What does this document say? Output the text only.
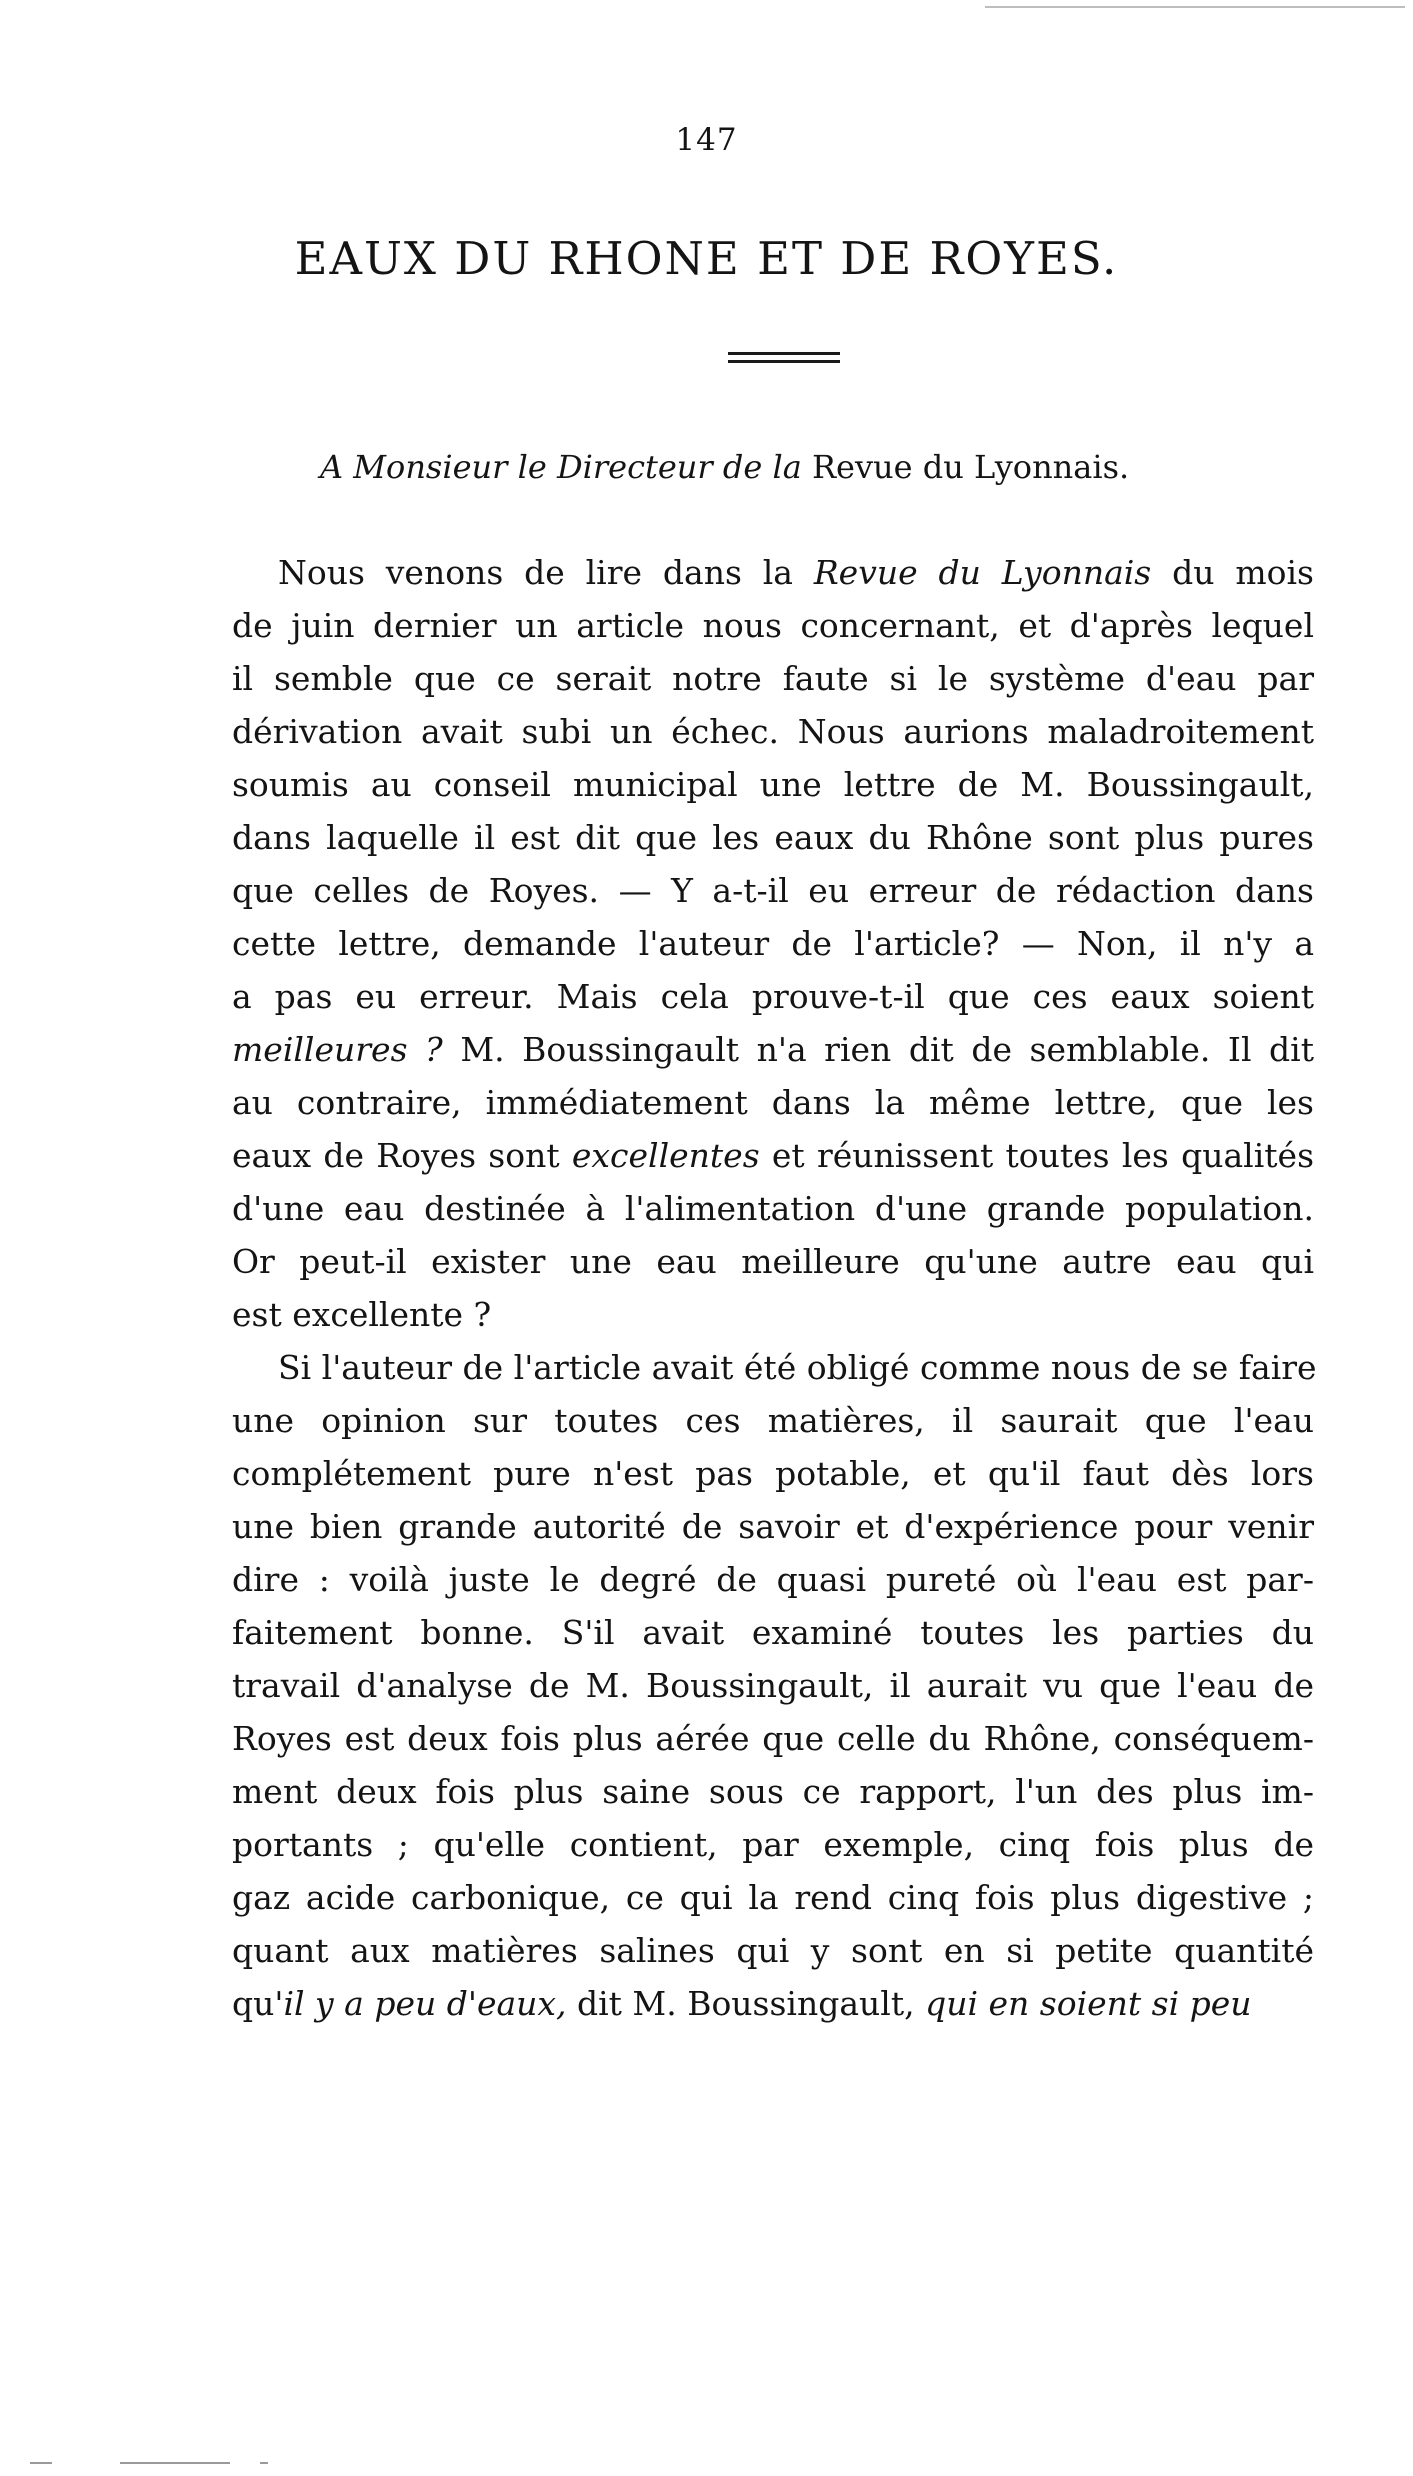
147
EAUX DU RHONE ET DE ROYES.
A Monsieur le Directeur de la Revue du Lyonnais.
Nous venons de lire dans la Revue du Lyonnais du mois
de juin dernier un article nous concernant, et d'après lequel
il semble que ce serait notre faute si le système d'eau par
dérivation avait subi un échec. Nous aurions maladroitement
soumis au conseil municipal une lettre de M. Boussingault,
dans laquelle il est dit que les eaux du Rhône sont plus pures
que celles de Royes. — Y a-t-il eu erreur de rédaction dans
cette lettre, demande l'auteur de l'article? — Non, il n'y a
a pas eu erreur. Mais cela prouve-t-il que ces eaux soient
meilleures ? M. Boussingault n'a rien dit de semblable. Il dit
au contraire, immédiatement dans la même lettre, que les
eaux de Royes sont excellentes et réunissent toutes les qualités
d'une eau destinée à l'alimentation d'une grande population.
Or peut-il exister une eau meilleure qu'une autre eau qui
est excellente ?
Si l'auteur de l'article avait été obligé comme nous de se faire
une opinion sur toutes ces matières, il saurait que l'eau
complétement pure n'est pas potable, et qu'il faut dès lors
une bien grande autorité de savoir et d'expérience pour venir
dire : voilà juste le degré de quasi pureté où l'eau est par-
faitement bonne. S'il avait examiné toutes les parties du
travail d'analyse de M. Boussingault, il aurait vu que l'eau de
Royes est deux fois plus aérée que celle du Rhône, conséquem-
ment deux fois plus saine sous ce rapport, l'un des plus im-
portants ; qu'elle contient, par exemple, cinq fois plus de
gaz acide carbonique, ce qui la rend cinq fois plus digestive ;
quant aux matières salines qui y sont en si petite quantité
qu'il y a peu d'eaux, dit M. Boussingault, qui en soient si peu
